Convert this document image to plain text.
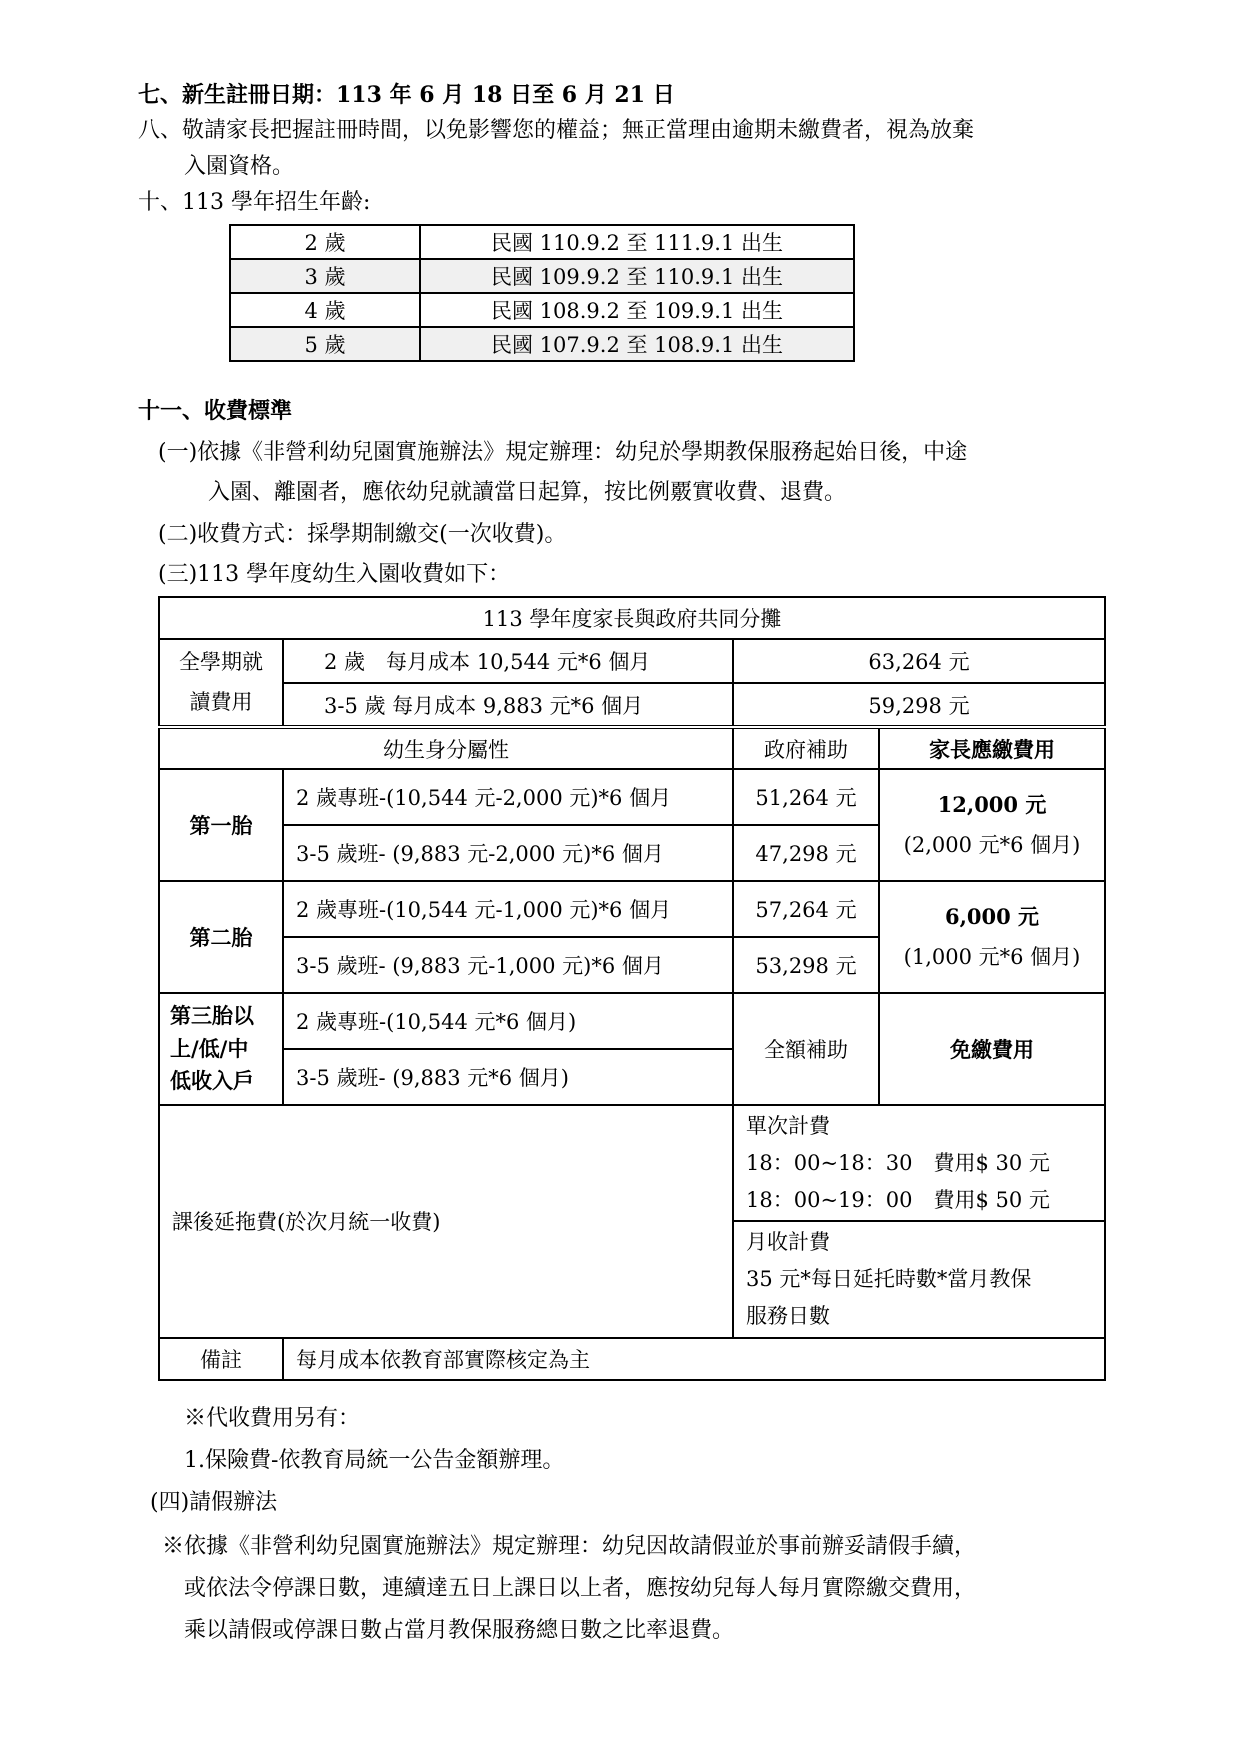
七、新生註冊日期：113 年 6 月 18 日至 6 月 21 日
八、敬請家長把握註冊時間，以免影響您的權益；無正當理由逾期未繳費者，視為放棄
入園資格。
十、113 學年招生年齡:
2 歲	民國 110.9.2 至 111.9.1 出生
3 歲	民國 109.9.2 至 110.9.1 出生
4 歲	民國 108.9.2 至 109.9.1 出生
5 歲	民國 107.9.2 至 108.9.1 出生
十一、收費標準
(一)依據《非營利幼兒園實施辦法》規定辦理：幼兒於學期教保服務起始日後，中途
入園、離園者，應依幼兒就讀當日起算，按比例覈實收費、退費。
(二)收費方式：採學期制繳交(一次收費)。
(三)113 學年度幼生入園收費如下：
113 學年度家長與政府共同分攤			
全學期就
讀費用	2 歲　每月成本 10,544 元*6 個月	63,264 元	
	3-5 歲 每月成本 9,883 元*6 個月	59,298 元	
幼生身分屬性		政府補助	家長應繳費用
第一胎	2 歲專班-(10,544 元-2,000 元)*6 個月	51,264 元	12,000 元
(2,000 元*6 個月)
	3-5 歲班- (9,883 元-2,000 元)*6 個月	47,298 元	
第二胎	2 歲專班-(10,544 元-1,000 元)*6 個月	57,264 元	6,000 元
(1,000 元*6 個月)
	3-5 歲班- (9,883 元-1,000 元)*6 個月	53,298 元	
第三胎以
上/低/中
低收入戶	2 歲專班-(10,544 元*6 個月)	全額補助	免繳費用
	3-5 歲班- (9,883 元*6 個月)		
課後延拖費(於次月統一收費)		單次計費
18：00~18：30　費用$ 30 元
18：00~19：00　費用$ 50 元	
		月收計費
35 元*每日延托時數*當月教保
服務日數	
備註	每月成本依教育部實際核定為主		
※代收費用另有：
1.保險費-依教育局統一公告金額辦理。
(四)請假辦法
※依據《非營利幼兒園實施辦法》規定辦理：幼兒因故請假並於事前辦妥請假手續，
或依法令停課日數，連續達五日上課日以上者，應按幼兒每人每月實際繳交費用，
乘以請假或停課日數占當月教保服務總日數之比率退費。
